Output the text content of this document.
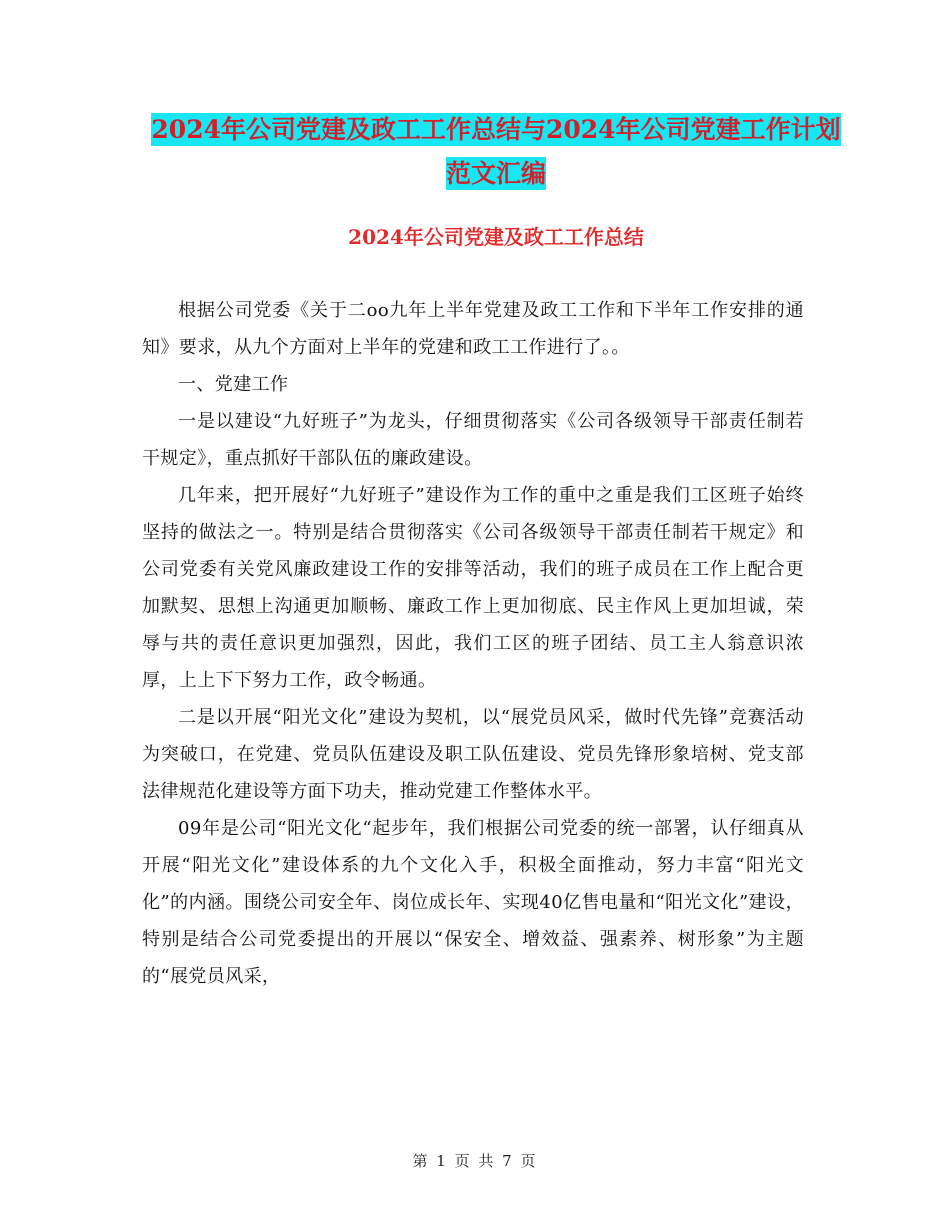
2024年公司党建及政工工作总结与2024年公司党建工作计划范文汇编
2024年公司党建及政工工作总结

根据公司党委《关于二oo九年上半年党建及政工工作和下半年工作安排的通知》要求，从九个方面对上半年的党建和政工工作进行了。。

一、党建工作

一是以建设“九好班子”为龙头，仔细贯彻落实《公司各级领导干部责任制若干规定》，重点抓好干部队伍的廉政建设。

几年来，把开展好“九好班子”建设作为工作的重中之重是我们工区班子始终坚持的做法之一。特别是结合贯彻落实《公司各级领导干部责任制若干规定》和公司党委有关党风廉政建设工作的安排等活动，我们的班子成员在工作上配合更加默契、思想上沟通更加顺畅、廉政工作上更加彻底、民主作风上更加坦诚，荣辱与共的责任意识更加强烈，因此，我们工区的班子团结、员工主人翁意识浓厚，上上下下努力工作，政令畅通。

二是以开展“阳光文化”建设为契机，以“展党员风采，做时代先锋”竞赛活动为突破口，在党建、党员队伍建设及职工队伍建设、党员先锋形象培树、党支部法律规范化建设等方面下功夫，推动党建工作整体水平。

09年是公司“阳光文化“起步年，我们根据公司党委的统一部署，认仔细真从开展“阳光文化”建设体系的九个文化入手，积极全面推动，努力丰富“阳光文化”的内涵。围绕公司安全年、岗位成长年、实现40亿售电量和“阳光文化”建设，特别是结合公司党委提出的开展以“保安全、增效益、强素养、树形象”为主题的“展党员风采，

第 1 页 共 7 页
